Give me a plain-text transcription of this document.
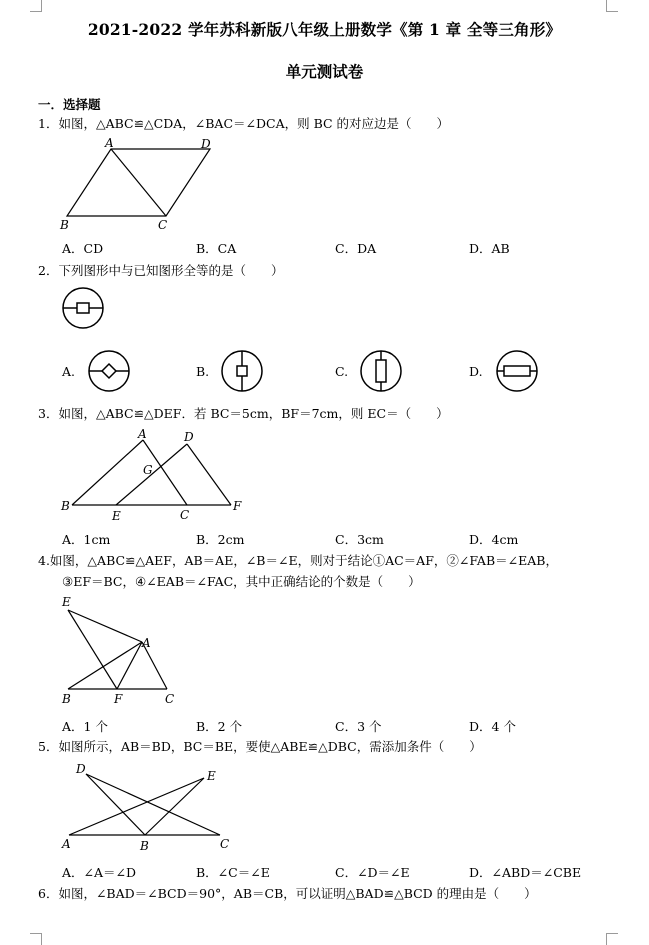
2021-2022 学年苏科新版八年级上册数学《第 1 章 全等三角形》
单元测试卷
一．选择题
1．如图，△ABC≌△CDA，∠BAC＝∠DCA，则 BC 的对应边是（　　）
A	D
B	C
A．CD	B．CA	C．DA	D．AB
2．下列图形中与已知图形全等的是（　　）
A.	B.	C.	D.
3．如图，△ABC≌△DEF．若 BC＝5cm，BF＝7cm，则 EC＝（　　）
A	D
G
B
E	C
F
A．1cm	B．2cm	C．3cm	D．4cm
4.如图，△ABC≌△AEF，AB＝AE，∠B＝∠E，则对于结论①AC＝AF，②∠FAB＝∠EAB，
③EF＝BC，④∠EAB＝∠FAC，其中正确结论的个数是（　　）
E
A
B	F	C
A．1 个	B．2 个	C．3 个	D．4 个
5．如图所示，AB＝BD，BC＝BE，要使△ABE≌△DBC，需添加条件（　　）
D	E
A	B	C
A．∠A＝∠D	B．∠C＝∠E	C．∠D＝∠E	D．∠ABD＝∠CBE
6．如图，∠BAD＝∠BCD＝90°，AB＝CB，可以证明△BAD≌△BCD 的理由是（　　）
